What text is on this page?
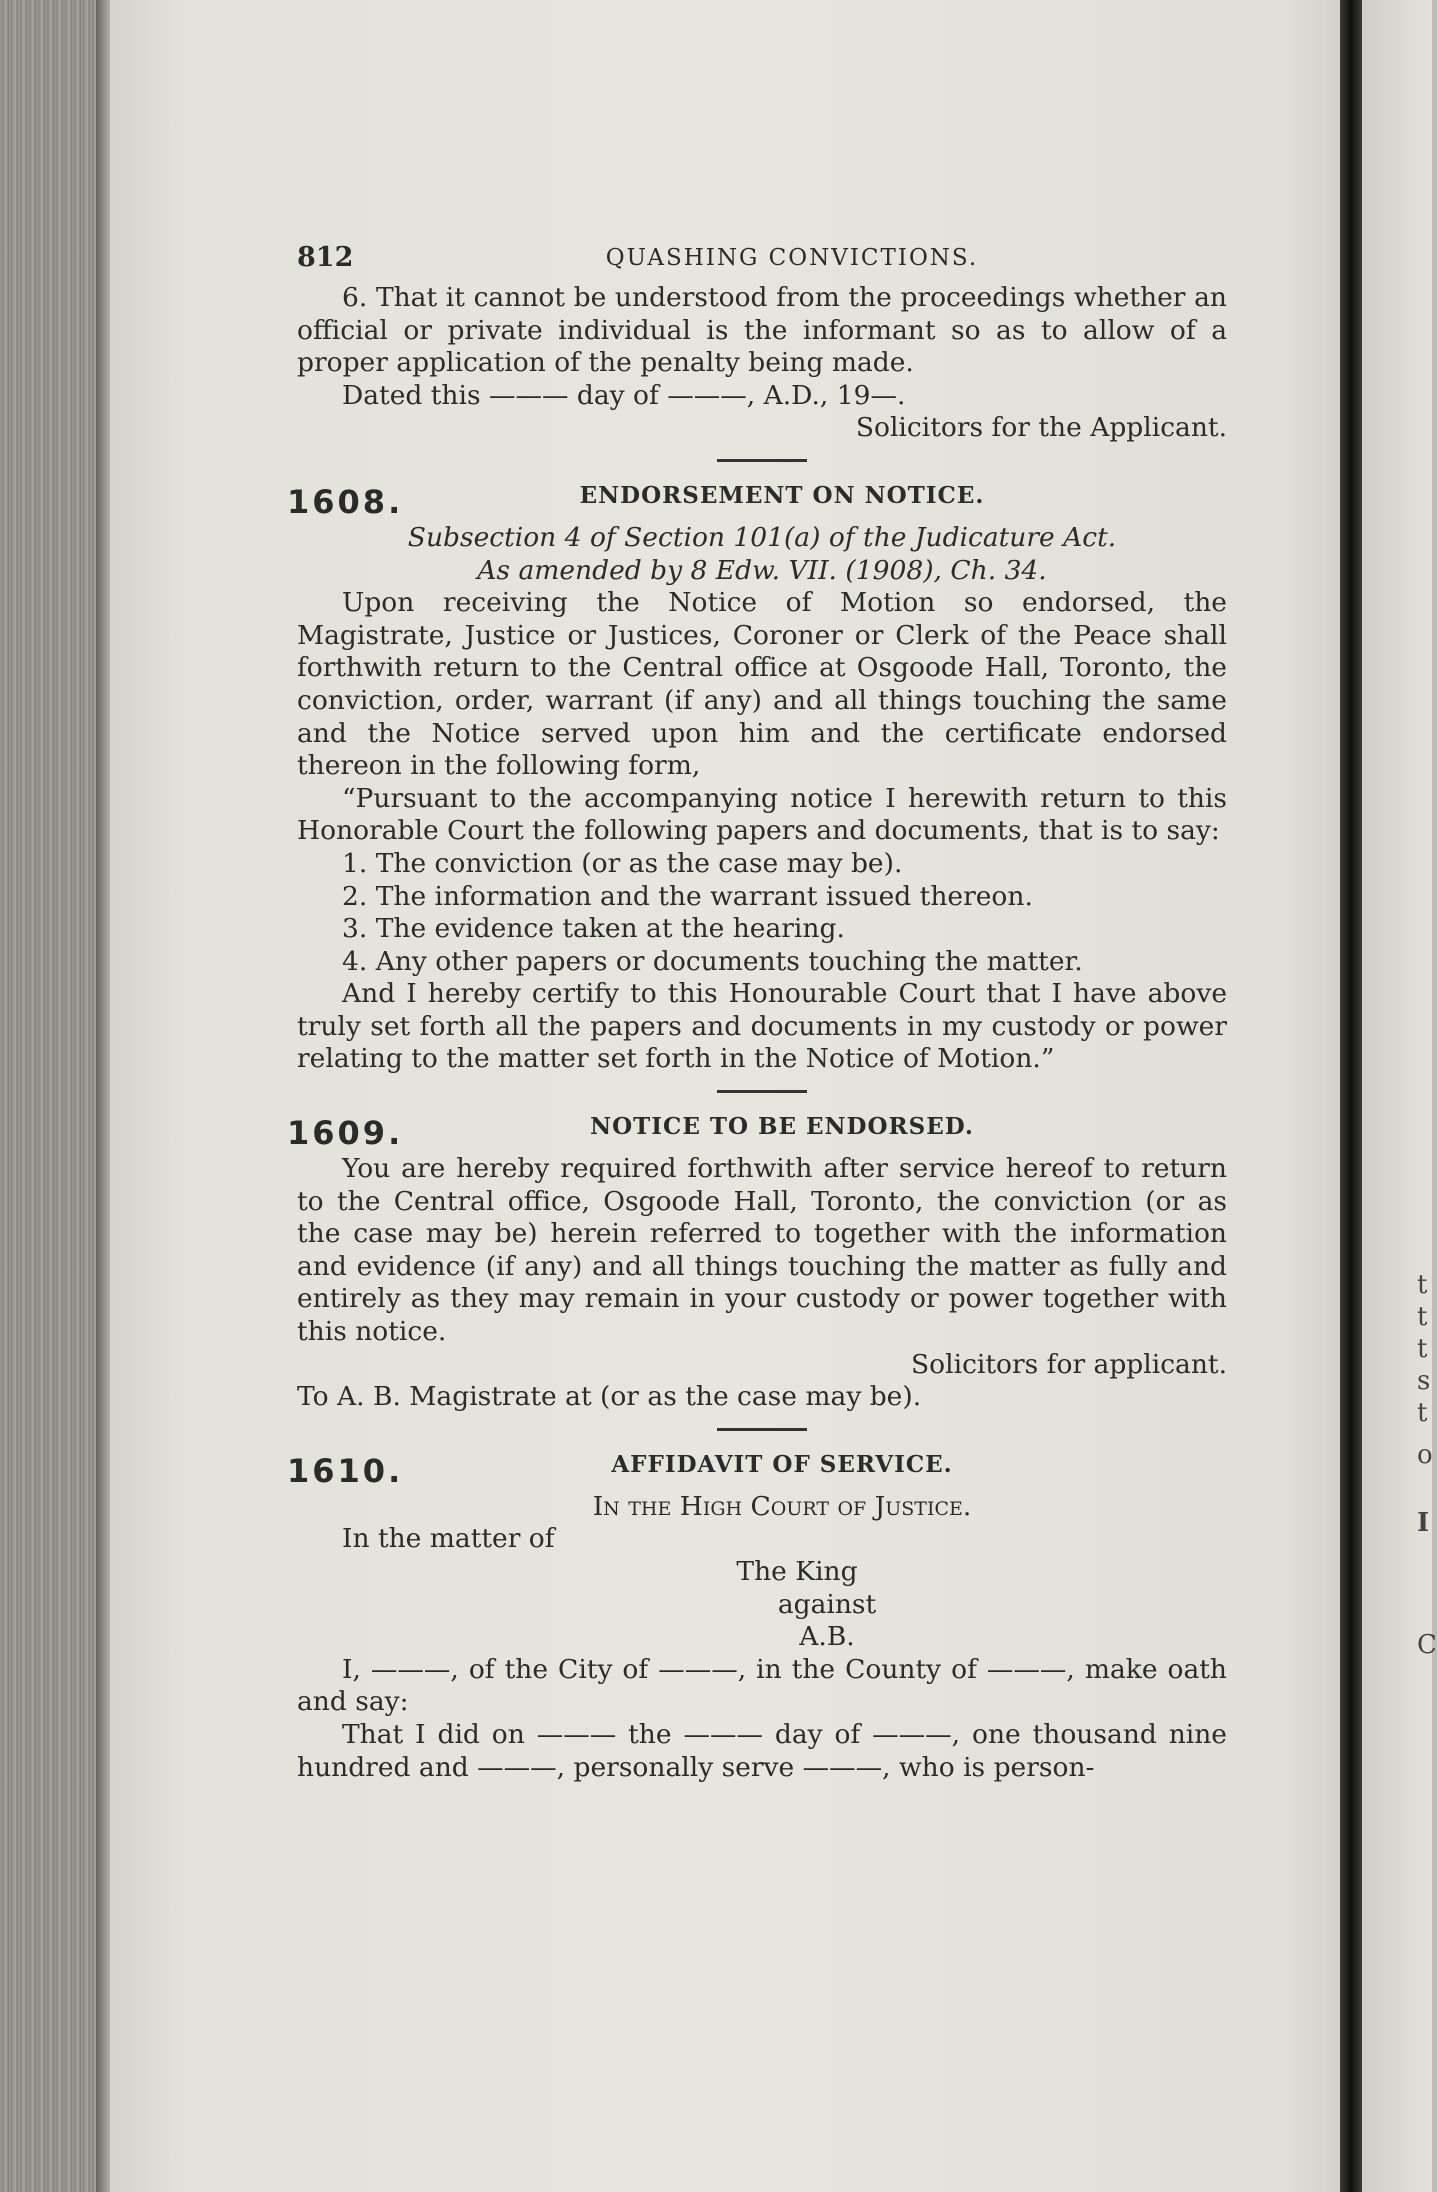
t
t
t
s
t
o
I
C
812	QUASHING CONVICTIONS.

6. That it cannot be understood from the proceedings whether an official or private individual is the informant so as to allow of a proper application of the penalty being made.

Dated this ——— day of ———, A.D., 19—.

Solicitors for the Applicant.

1608.	ENDORSEMENT ON NOTICE.

Subsection 4 of Section 101(a) of the Judicature Act.

As amended by 8 Edw. VII. (1908), Ch. 34.

Upon receiving the Notice of Motion so endorsed, the Magistrate, Justice or Justices, Coroner or Clerk of the Peace shall forthwith return to the Central office at Osgoode Hall, Toronto, the conviction, order, warrant (if any) and all things touching the same and the Notice served upon him and the certificate endorsed thereon in the following form,

“Pursuant to the accompanying notice I herewith return to this Honorable Court the following papers and documents, that is to say:

1. The conviction (or as the case may be).

2. The information and the warrant issued thereon.

3. The evidence taken at the hearing.

4. Any other papers or documents touching the matter.

And I hereby certify to this Honourable Court that I have above truly set forth all the papers and documents in my custody or power relating to the matter set forth in the Notice of Motion.”

1609.	NOTICE TO BE ENDORSED.

You are hereby required forthwith after service hereof to return to the Central office, Osgoode Hall, Toronto, the conviction (or as the case may be) herein referred to together with the information and evidence (if any) and all things touching the matter as fully and entirely as they may remain in your custody or power together with this notice.

Solicitors for applicant.

To A. B. Magistrate at (or as the case may be).

1610.	AFFIDAVIT OF SERVICE.

In the High Court of Justice.

In the matter of

The King

against

A.B.

I, ———, of the City of ———, in the County of ———, make oath and say:

That I did on ——— the ——— day of ———, one thousand nine hundred and ———, personally serve ———, who is person-
